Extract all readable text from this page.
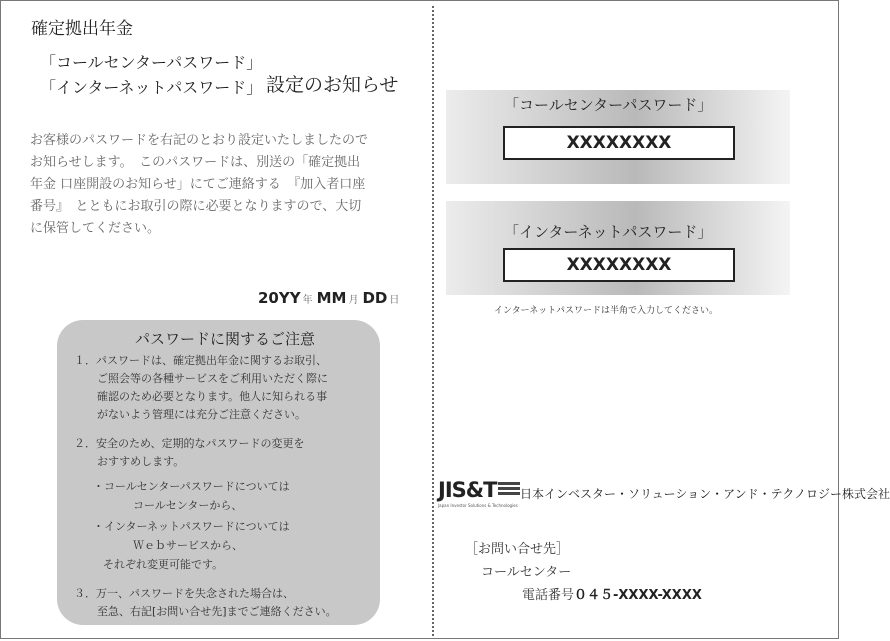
確定拠出年金
「コールセンターパスワード」
「インターネットパスワード」 設定のお知らせ
お客様のパスワードを右記のとおり設定いたしましたので
お知らせします。　このパスワードは、別送の「確定拠出
年金 口座開設のお知らせ」にてご連絡する　『加入者口座
番号』　とともにお取引の際に必要となりますので、大切
に保管してください。
20YY 年 MM 月 DD 日
パスワードに関するご注意
１．パスワードは、確定拠出年金に関するお取引、
ご照会等の各種サービスをご利用いただく際に
確認のため必要となります。他人に知られる事
がないよう管理には充分ご注意ください。
２．安全のため、定期的なパスワードの変更を
おすすめします。
・コールセンターパスワードについては
コールセンターから、
・インターネットパスワードについては
Ｗｅｂサービスから、
それぞれ変更可能です。
３．万一、パスワードを失念された場合は、
至急、右記[お問い合せ先]までご連絡ください。
「コールセンターパスワード」
XXXXXXXX
「インターネットパスワード」
XXXXXXXX
インターネットパスワードは半角で入力してください。
JIS&T
Japan Investor Solutions & Technologies
日本インベスター・ソリューション・アンド・テクノロジー株式会社
［お問い合せ先］
コールセンター
電話番号０４５-XXXX-XXXX
